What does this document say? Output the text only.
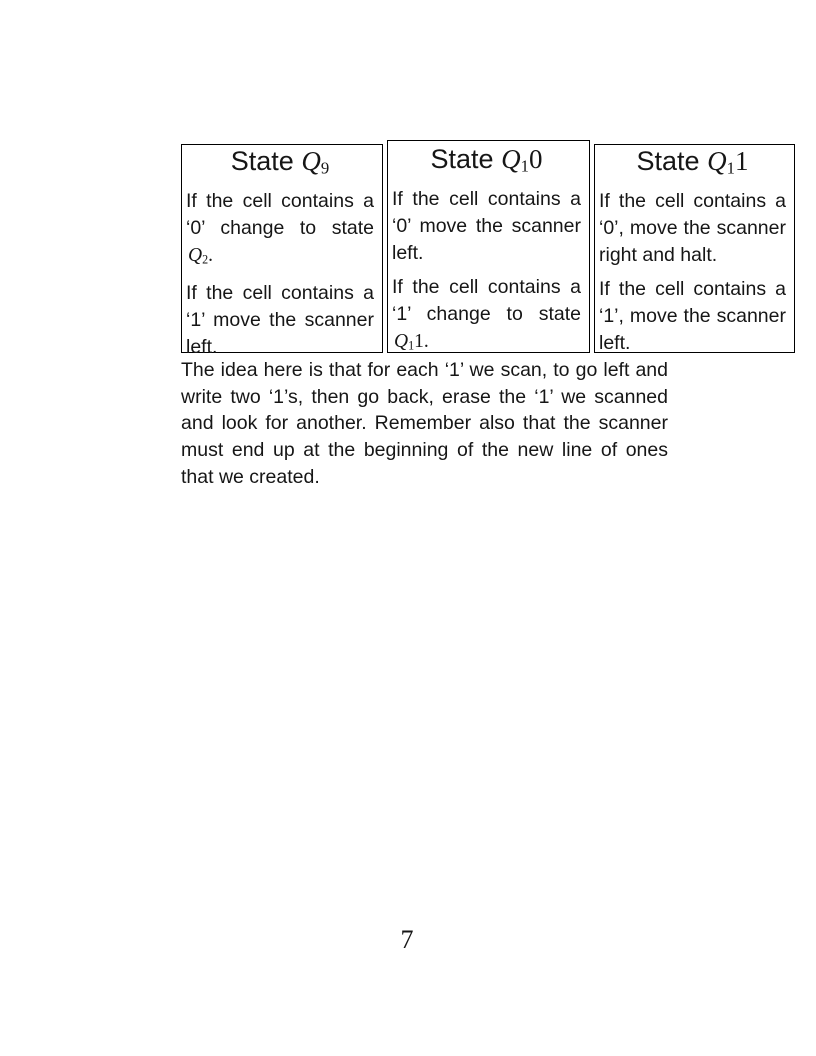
State Q9
If the cell contains a ‘0’ change to state Q2.
If the cell contains a ‘1’ move the scanner left.
State Q10
If the cell contains a ‘0’ move the scanner left.
If the cell contains a ‘1’ change to state Q11.
State Q11
If the cell contains a ‘0’, move the scanner right and halt.
If the cell contains a ‘1’, move the scanner left.
The idea here is that for each ‘1’ we scan, to go left and write two ‘1’s, then go back, erase the ‘1’ we scanned and look for another. Remember also that the scanner must end up at the beginning of the new line of ones that we created.
7
